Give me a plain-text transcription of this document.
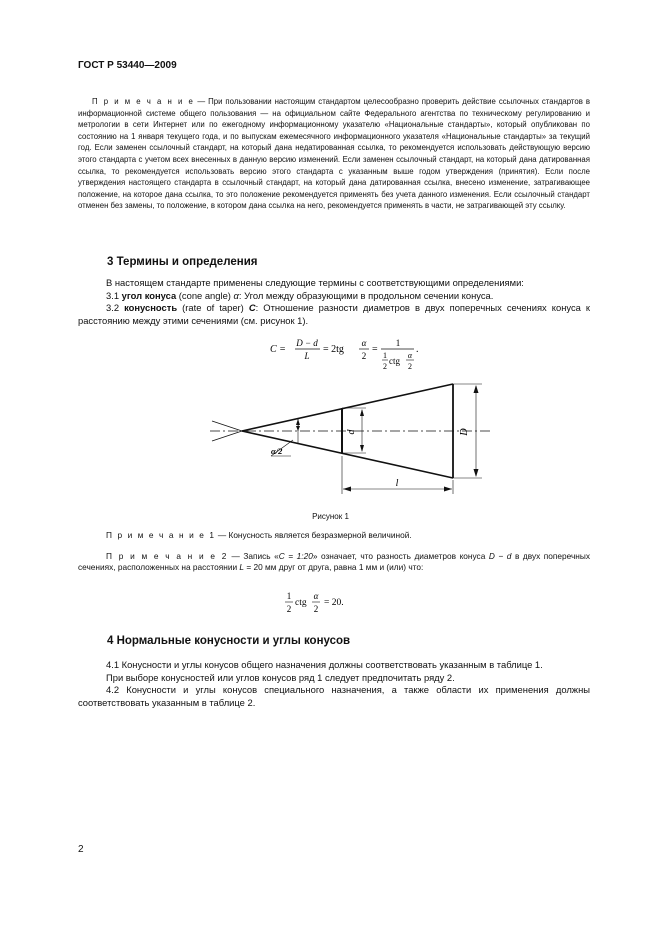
ГОСТ Р 53440—2009
П р и м е ч а н и е — При пользовании настоящим стандартом целесообразно проверить действие ссылочных стандартов в информационной системе общего пользования — на официальном сайте Федерального агентства по техническому регулированию и метрологии в сети Интернет или по ежегодному информационному указателю «Национальные стандарты», который опубликован по состоянию на 1 января текущего года, и по выпускам ежемесячного информационного указателя «Национальные стандарты» за текущий год. Если заменен ссылочный стандарт, на который дана недатированная ссылка, то рекомендуется использовать действующую версию этого стандарта с учетом всех внесенных в данную версию изменений. Если заменен ссылочный стандарт, на который дана датированная ссылка, то рекомендуется использовать версию этого стандарта с указанным выше годом утверждения (принятия). Если после утверждения настоящего стандарта в ссылочный стандарт, на который дана датированная ссылка, внесено изменение, затрагивающее положение, на которое дана ссылка, то это положение рекомендуется применять без учета данного изменения. Если ссылочный стандарт отменен без замены, то положение, в котором дана ссылка на него, рекомендуется применять в части, не затрагивающей эту ссылку.
3 Термины и определения
В настоящем стандарте применены следующие термины с соответствующими определениями:
3.1 угол конуса (cone angle) α: Угол между образующими в продольном сечении конуса.
3.2 конусность (rate of taper) C: Отношение разности диаметров в двух поперечных сечениях конуса к расстоянию между этими сечениями (см. рисунок 1).
C =
D − d
L
= 2tg
α
2
=
1
1
2
ctg
α
2
.
D
d
l
α/2
Рисунок 1
П р и м е ч а н и е 1 — Конусность является безразмерной величиной.
П р и м е ч а н и е 2 — Запись «C = 1:20» означает, что разность диаметров конуса D − d в двух поперечных сечениях, расположенных на расстоянии L = 20 мм друг от друга, равна 1 мм и (или) что:
1
2
ctg
α
2
= 20.
4 Нормальные конусности и углы конусов
4.1 Конусности и углы конусов общего назначения должны соответствовать указанным в таблице 1.
При выборе конусностей или углов конусов ряд 1 следует предпочитать ряду 2.
4.2 Конусности и углы конусов специального назначения, а также области их применения должны соответствовать указанным в таблице 2.
2
